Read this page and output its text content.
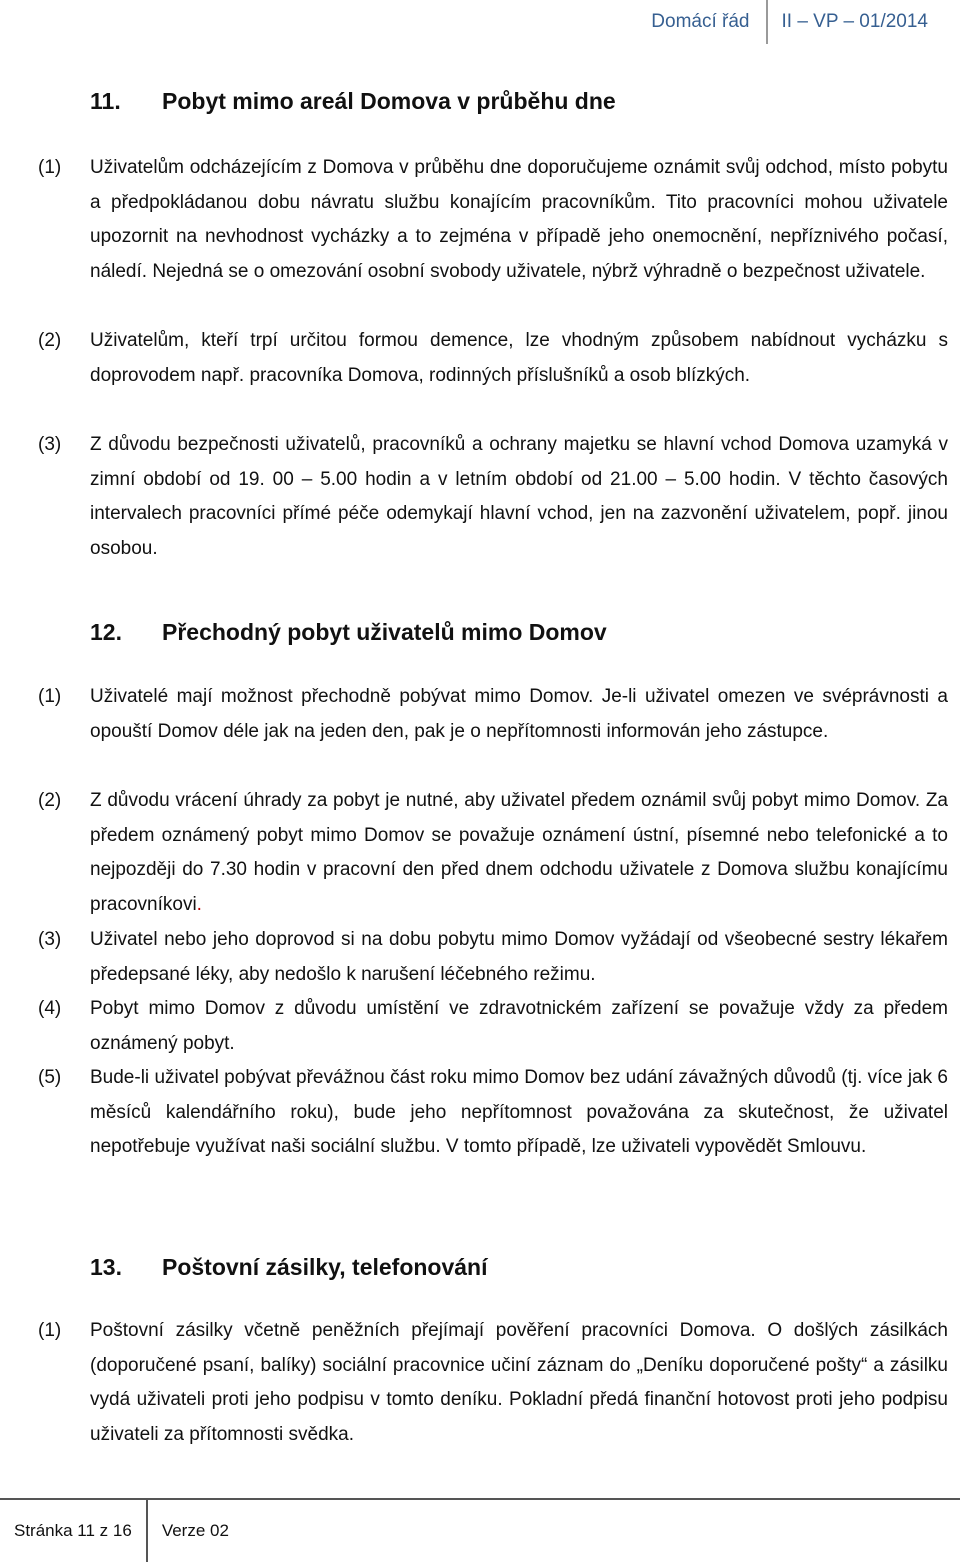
Domácí řád	II – VP – 01/2014
11. Pobyt mimo areál Domova v průběhu dne
(1)	Uživatelům odcházejícím z Domova v průběhu dne doporučujeme oznámit svůj odchod, místo pobytu a předpokládanou dobu návratu službu konajícím pracovníkům. Tito pracovníci mohou uživatele upozornit na nevhodnost vycházky a to zejména v případě jeho onemocnění, nepříznivého počasí, náledí. Nejedná se o omezování osobní svobody uživatele, nýbrž výhradně o bezpečnost uživatele.
(2)	Uživatelům, kteří trpí určitou formou demence, lze vhodným způsobem nabídnout vycházku s doprovodem např. pracovníka Domova, rodinných příslušníků a osob blízkých.
(3)	Z důvodu bezpečnosti uživatelů, pracovníků a ochrany majetku se hlavní vchod Domova uzamyká v zimní období od 19. 00 – 5.00 hodin a v letním období od 21.00 – 5.00 hodin. V těchto časových intervalech pracovníci přímé péče odemykají hlavní vchod, jen na zazvonění uživatelem, popř. jinou osobou.
12. Přechodný pobyt uživatelů mimo Domov
(1)	Uživatelé mají možnost přechodně pobývat mimo Domov. Je-li uživatel omezen ve svéprávnosti a opouští Domov déle jak na jeden den, pak je o nepřítomnosti informován jeho zástupce.
(2)	Z důvodu vrácení úhrady za pobyt je nutné, aby uživatel předem oznámil svůj pobyt mimo Domov. Za předem oznámený pobyt mimo Domov se považuje oznámení ústní, písemné nebo telefonické a to nejpozději do 7.30 hodin v pracovní den před dnem odchodu uživatele z Domova službu konajícímu pracovníkovi.
(3)	Uživatel nebo jeho doprovod si na dobu pobytu mimo Domov vyžádají od všeobecné sestry lékařem předepsané léky, aby nedošlo k narušení léčebného režimu.
(4)	Pobyt mimo Domov z důvodu umístění ve zdravotnickém zařízení se považuje vždy za předem oznámený pobyt.
(5)	Bude-li uživatel pobývat převážnou část roku mimo Domov bez udání závažných důvodů (tj. více jak 6 měsíců kalendářního roku), bude jeho nepřítomnost považována za skutečnost, že uživatel nepotřebuje využívat naši sociální službu. V tomto případě, lze uživateli vypovědět Smlouvu.
13. Poštovní zásilky, telefonování
(1)	Poštovní zásilky včetně peněžních přejímají pověření pracovníci Domova. O došlých zásilkách (doporučené psaní, balíky) sociální pracovnice učiní záznam do „Deníku doporučené pošty“ a zásilku vydá uživateli proti jeho podpisu v tomto deníku. Pokladní předá finanční hotovost proti jeho podpisu uživateli za přítomnosti svědka.
Stránka 11 z 16	Verze 02
